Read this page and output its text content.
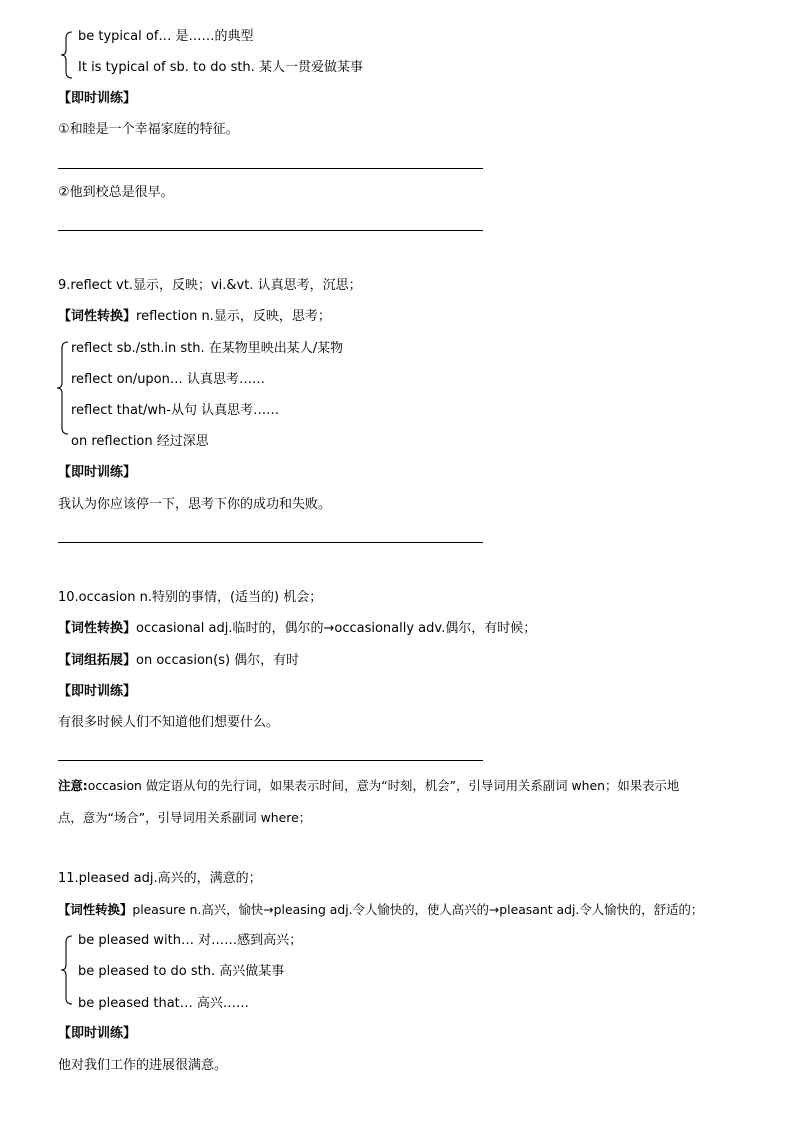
be typical of… 是……的典型
It is typical of sb. to do sth. 某人一贯爱做某事
【即时训练】
①和睦是一个幸福家庭的特征。
②他到校总是很早。
9.reflect vt.显示，反映；vi.&vt. 认真思考，沉思；
【词性转换】reflection n.显示，反映，思考；
reflect sb./sth.in sth. 在某物里映出某人/某物
reflect on/upon… 认真思考……
reflect that/wh-从句 认真思考……
on reflection 经过深思
【即时训练】
我认为你应该停一下，思考下你的成功和失败。
10.occasion n.特别的事情，(适当的) 机会；
【词性转换】occasional adj.临时的，偶尔的→occasionally adv.偶尔，有时候；
【词组拓展】on occasion(s) 偶尔，有时
【即时训练】
有很多时候人们不知道他们想要什么。
注意:occasion 做定语从句的先行词，如果表示时间，意为“时刻，机会”，引导词用关系副词 when；如果表示地
点，意为“场合”，引导词用关系副词 where；
11.pleased adj.高兴的，满意的；
【词性转换】pleasure n.高兴，愉快→pleasing adj.令人愉快的，使人高兴的→pleasant adj.令人愉快的，舒适的；
be pleased with… 对……感到高兴；
be pleased to do sth. 高兴做某事
be pleased that… 高兴……
【即时训练】
他对我们工作的进展很满意。
